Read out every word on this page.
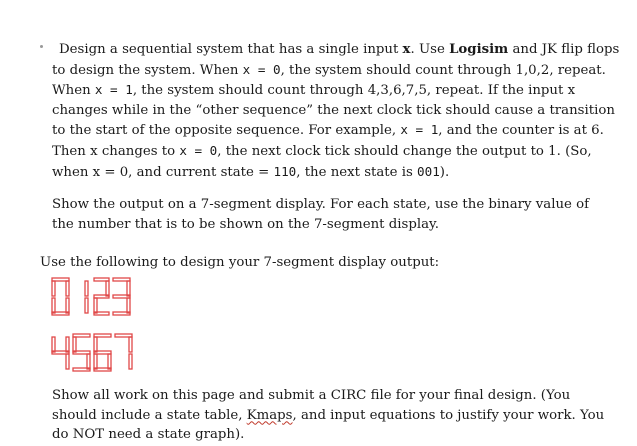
Design a sequential system that has a single input x. Use Logisim and JK flip flops
to design the system. When x = 0, the system should count through 1,0,2, repeat.
When x = 1, the system should count through 4,3,6,7,5, repeat. If the input x
changes while in the “other sequence” the next clock tick should cause a transition
to the start of the opposite sequence. For example, x = 1, and the counter is at 6.
Then x changes to x = 0, the next clock tick should change the output to 1. (So,
when x = 0, and current state = 110, the next state is 001).
Show the output on a 7-segment display. For each state, use the binary value of
the number that is to be shown on the 7-segment display.
Use the following to design your 7-segment display output:
Show all work on this page and submit a CIRC file for your final design. (You
should include a state table, Kmaps, and input equations to justify your work. You
do NOT need a state graph).
